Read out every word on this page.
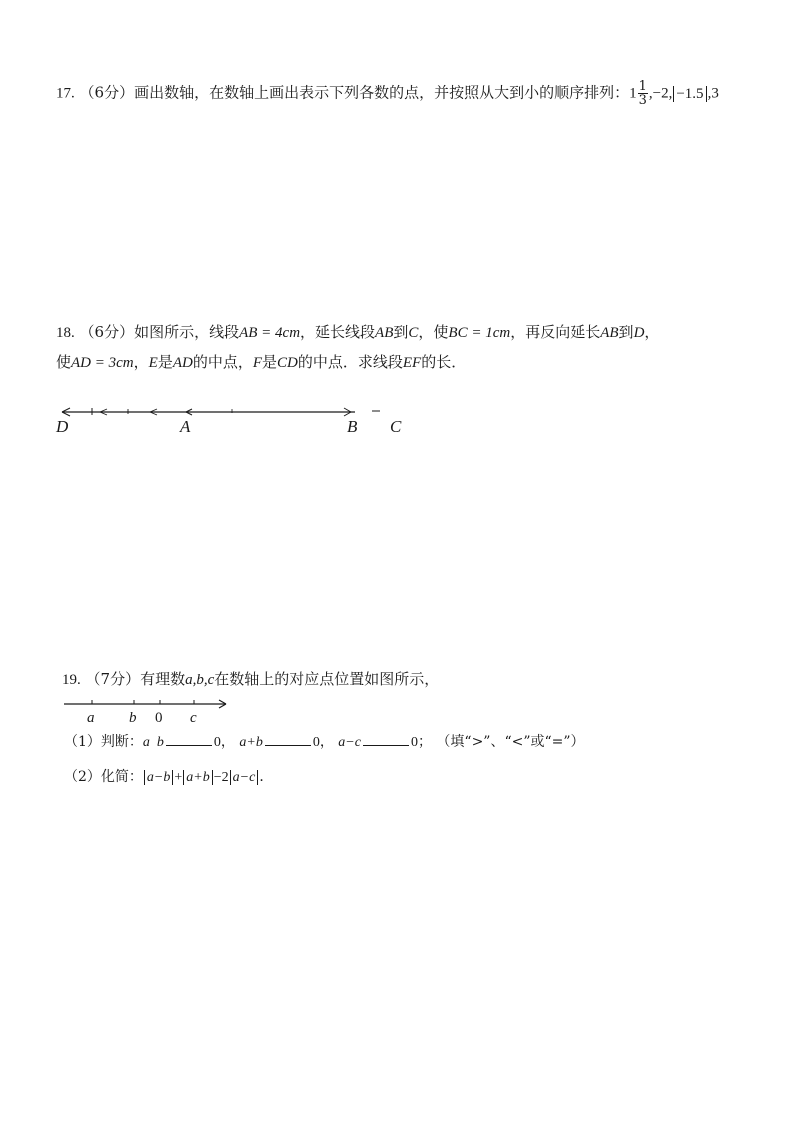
17. （6分）画出数轴，在数轴上画出表示下列各数的点，并按照从大到小的顺序排列：$1 \frac{1}{3} ,-2$, −1.5 ,3
18. （6分）如图所示，线段AB = 4cm，延长线段AB到C，使BC = 1cm，再反向延长AB到D，
使AD = 3cm，E是AD的中点，F是CD的中点．求线段EF的长．
D	A	B C
19. （7分）有理数a,b,c在数轴上的对应点位置如图所示，
a b 0 c
（1）判断：a  b	0， a+b	0， a−c	0； （填“>”、“<”或“=”）
（2）化简： a−b + a+b −2 a−c ．
